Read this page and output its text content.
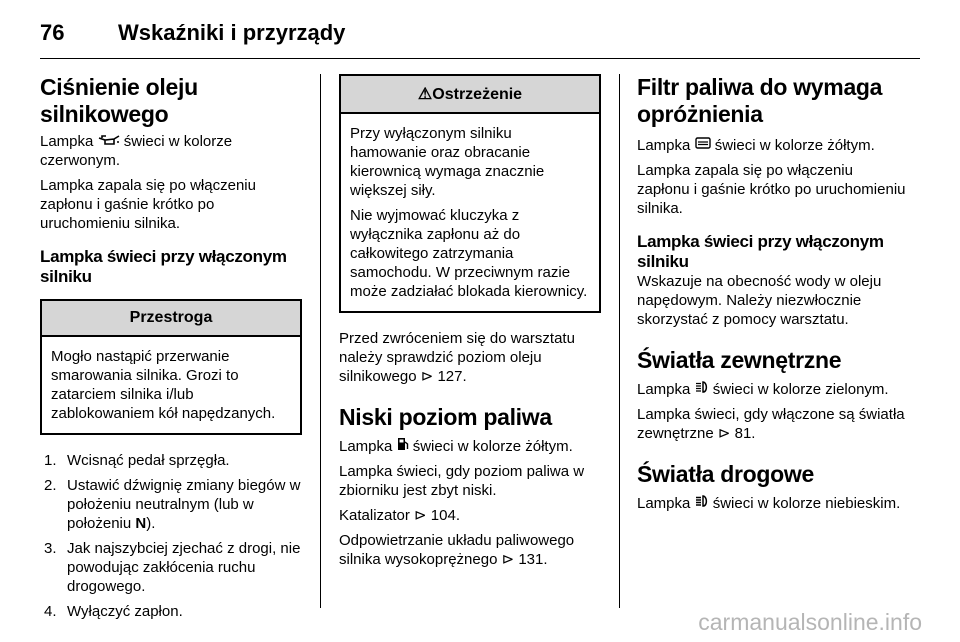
76 Wskaźniki i przyrządy
Ciśnienie oleju silnikowego

Lampka  świeci w kolorze czerwonym.

Lampka zapala się po włączeniu zapłonu i gaśnie krótko po uruchomieniu silnika.

Lampka świeci przy włączonym silniku
Przestroga

Mogło nastąpić przerwanie smarowania silnika. Grozi to zatarciem silnika i/lub zablokowaniem kół napędzanych.

1. Wcisnąć pedał sprzęgła.
2. Ustawić dźwignię zmiany biegów w położeniu neutralnym (lub w położeniu N).
3. Jak najszybciej zjechać z drogi, nie powodując zakłócenia ruchu drogowego.
4. Wyłączyć zapłon.
⚠Ostrzeżenie

Przy wyłączonym silniku hamowanie oraz obracanie kierownicą wymaga znacznie większej siły.

Nie wyjmować kluczyka z wyłącznika zapłonu aż do całkowitego zatrzymania samochodu. W przeciwnym razie może zadziałać blokada kierownicy.

Przed zwróceniem się do warsztatu należy sprawdzić poziom oleju silnikowego ⊳ 127.

Niski poziom paliwa

Lampka  świeci w kolorze żółtym.

Lampka świeci, gdy poziom paliwa w zbiorniku jest zbyt niski.

Katalizator ⊳ 104.

Odpowietrzanie układu paliwowego silnika wysokoprężnego ⊳ 131.

Filtr paliwa do wymaga opróżnienia

Lampka  świeci w kolorze żółtym.

Lampka zapala się po włączeniu zapłonu i gaśnie krótko po uruchomieniu silnika.

Lampka świeci przy włączonym silniku

Wskazuje na obecność wody w oleju napędowym. Należy niezwłocznie skorzystać z pomocy warsztatu.

Światła zewnętrzne

Lampka  świeci w kolorze zielonym.

Lampka świeci, gdy włączone są światła zewnętrzne ⊳ 81.

Światła drogowe

Lampka  świeci w kolorze niebieskim.

carmanualsonline.info
